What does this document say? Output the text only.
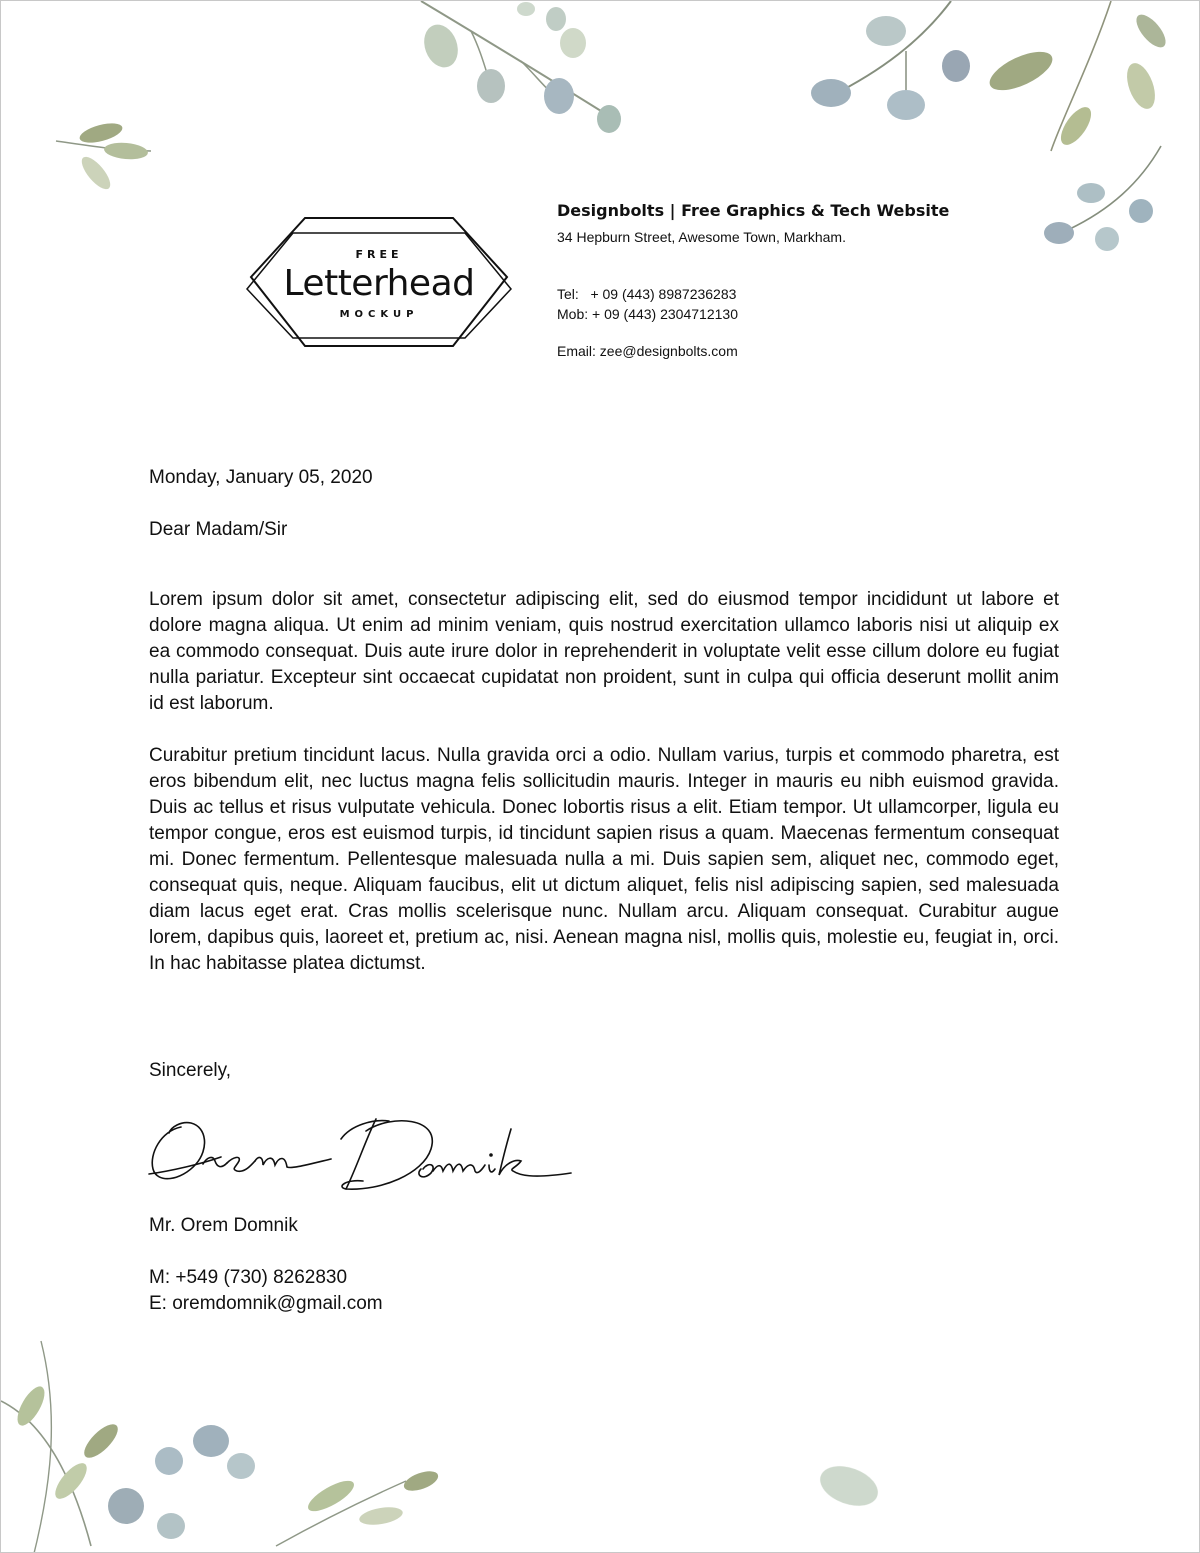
FREE
Letterhead
MOCKUP
Designbolts | Free Graphics & Tech Website
34 Hepburn Street, Awesome Town, Markham.
Tel:   + 09 (443) 8987236283
Mob: + 09 (443) 2304712130
Email: zee@designbolts.com
Monday, January 05, 2020
Dear Madam/Sir
Lorem ipsum dolor sit amet, consectetur adipiscing elit, sed do eiusmod tempor incididunt ut labore et dolore magna aliqua. Ut enim ad minim veniam, quis nostrud exercitation ullamco laboris nisi ut aliquip ex ea commodo consequat. Duis aute irure dolor in reprehenderit in voluptate velit esse cillum dolore eu fugiat nulla pariatur. Excepteur sint occaecat cupidatat non proident, sunt in culpa qui officia deserunt mollit anim id est laborum.
Curabitur pretium tincidunt lacus. Nulla gravida orci a odio. Nullam varius, turpis et commodo pharetra, est eros bibendum elit, nec luctus magna felis sollicitudin mauris. Integer in mauris eu nibh euismod gravida. Duis ac tellus et risus vulputate vehicula. Donec lobortis risus a elit. Etiam tempor. Ut ullamcorper, ligula eu tempor congue, eros est euismod turpis, id tincidunt sapien risus a quam. Maecenas fermentum consequat mi. Donec fermentum. Pellentesque malesuada nulla a mi. Duis sapien sem, aliquet nec, commodo eget, consequat quis, neque. Aliquam faucibus, elit ut dictum aliquet, felis nisl adipiscing sapien, sed malesuada diam lacus eget erat. Cras mollis scelerisque nunc. Nullam arcu. Aliquam consequat. Curabitur augue lorem, dapibus quis, laoreet et, pretium ac, nisi. Aenean magna nisl, mollis quis, molestie eu, feugiat in, orci. In hac habitasse platea dictumst.
Sincerely,
Mr. Orem Domnik
M: +549 (730) 8262830
E: oremdomnik@gmail.com
